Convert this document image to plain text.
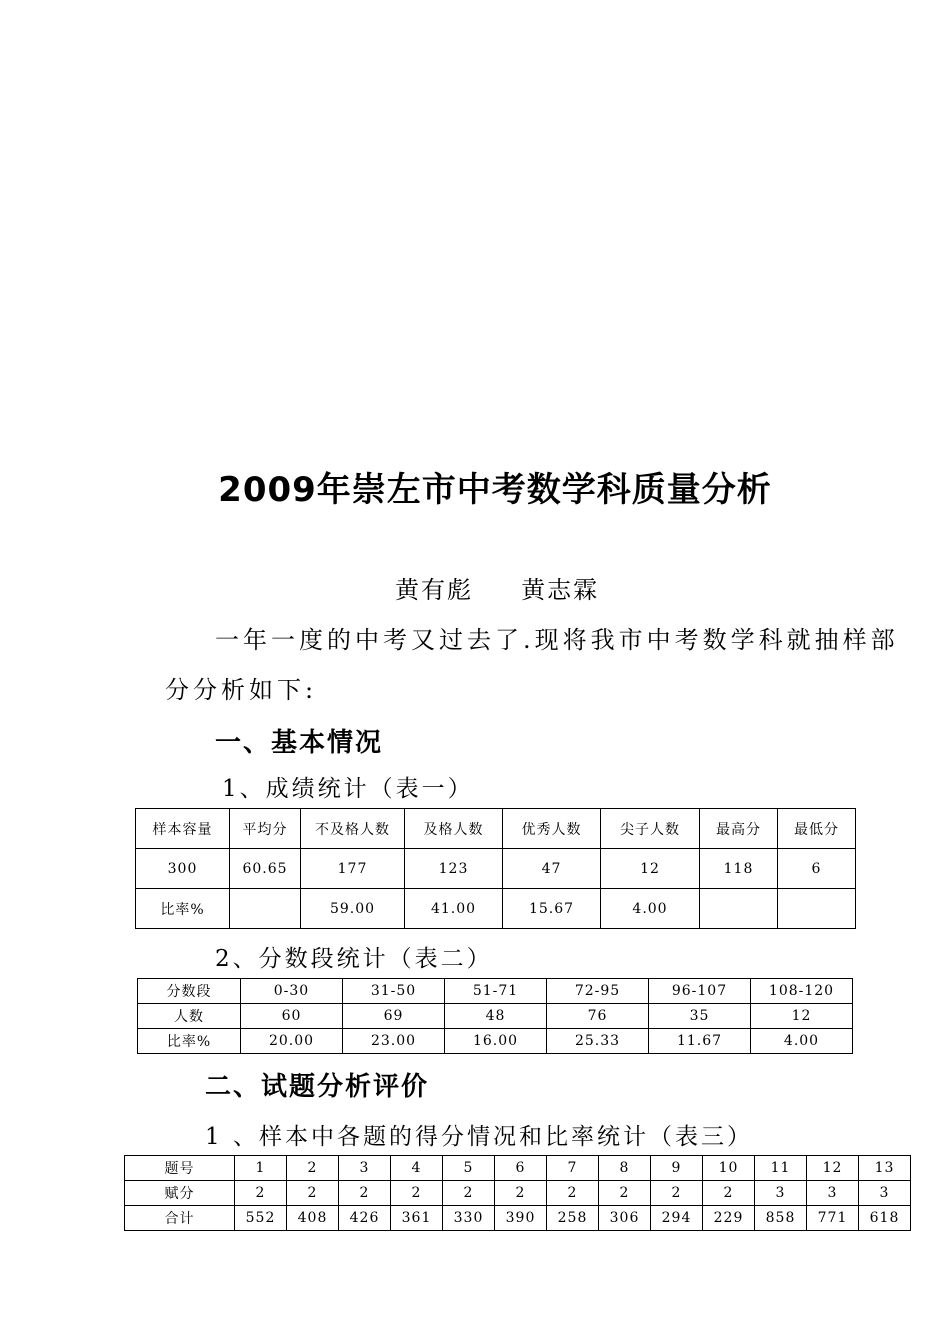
2009年崇左市中考数学科质量分析
黄有彪     黄志霖
一年一度的中考又过去了.现将我市中考数学科就抽样部
分分析如下:
一、基本情况
1、成绩统计（表一）
样本容量	平均分	不及格人数	及格人数	优秀人数	尖子人数	最高分	最低分
300	60.65	177	123	47	12	118	6
比率%		59.00	41.00	15.67	4.00		
2、分数段统计（表二）
分数段	0-30	31-50	51-71	72-95	96-107	108-120
人数	60	69	48	76	35	12
比率%	20.00	23.00	16.00	25.33	11.67	4.00
二、试题分析评价
1 、样本中各题的得分情况和比率统计（表三）
题号	1	2	3	4	5	6	7	8	9	10	11	12	13
赋分	2	2	2	2	2	2	2	2	2	2	3	3	3
合计	552	408	426	361	330	390	258	306	294	229	858	771	618
